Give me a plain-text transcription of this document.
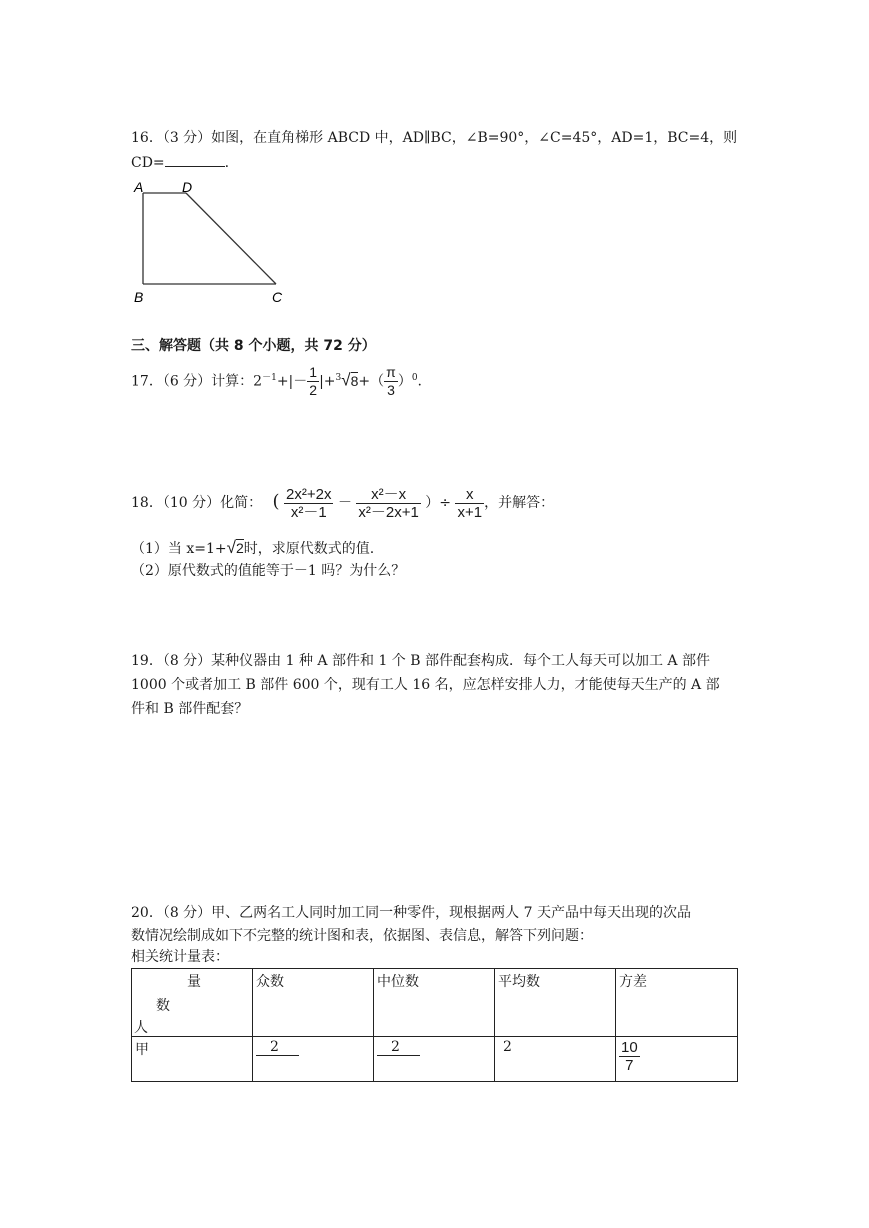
16．（3 分）如图，在直角梯形 ABCD 中，AD∥BC，∠B=90°，∠C=45°，AD=1，BC=4，则
CD=	.
A	D
B	C
三、解答题（共 8 个小题，共 72 分）
17．（6 分）计算：$2^{-1}+|- \frac{1}{2} |+^3√8+( \frac{\pi}{3} )^0$.
18．（10 分）化简： ( $\frac{\text{2x²+2x}}{\text{x²－1}} - \frac{\text{x²－x}}{\text{x²－2x+1}}$ ）÷ $\frac{x}{x+1}$ ，并解答：
（1）当 x=1+√2时，求原代数式的值.
（2）原代数式的值能等于－1 吗？为什么？
19．（8 分）某种仪器由 1 种 A 部件和 1 个 B 部件配套构成．每个工人每天可以加工 A 部件
1000 个或者加工 B 部件 600 个，现有工人 16 名，应怎样安排人力，才能使每天生产的 A 部
件和 B 部件配套？
20．（8 分）甲、乙两名工人同时加工同一种零件，现根据两人 7 天产品中每天出现的次品
数情况绘制成如下不完整的统计图和表，依据图、表信息，解答下列问题：
相关统计量表：
量
数
人	众数	中位数	平均数	方差
甲	2	2	2	$\frac{10}{7}$
